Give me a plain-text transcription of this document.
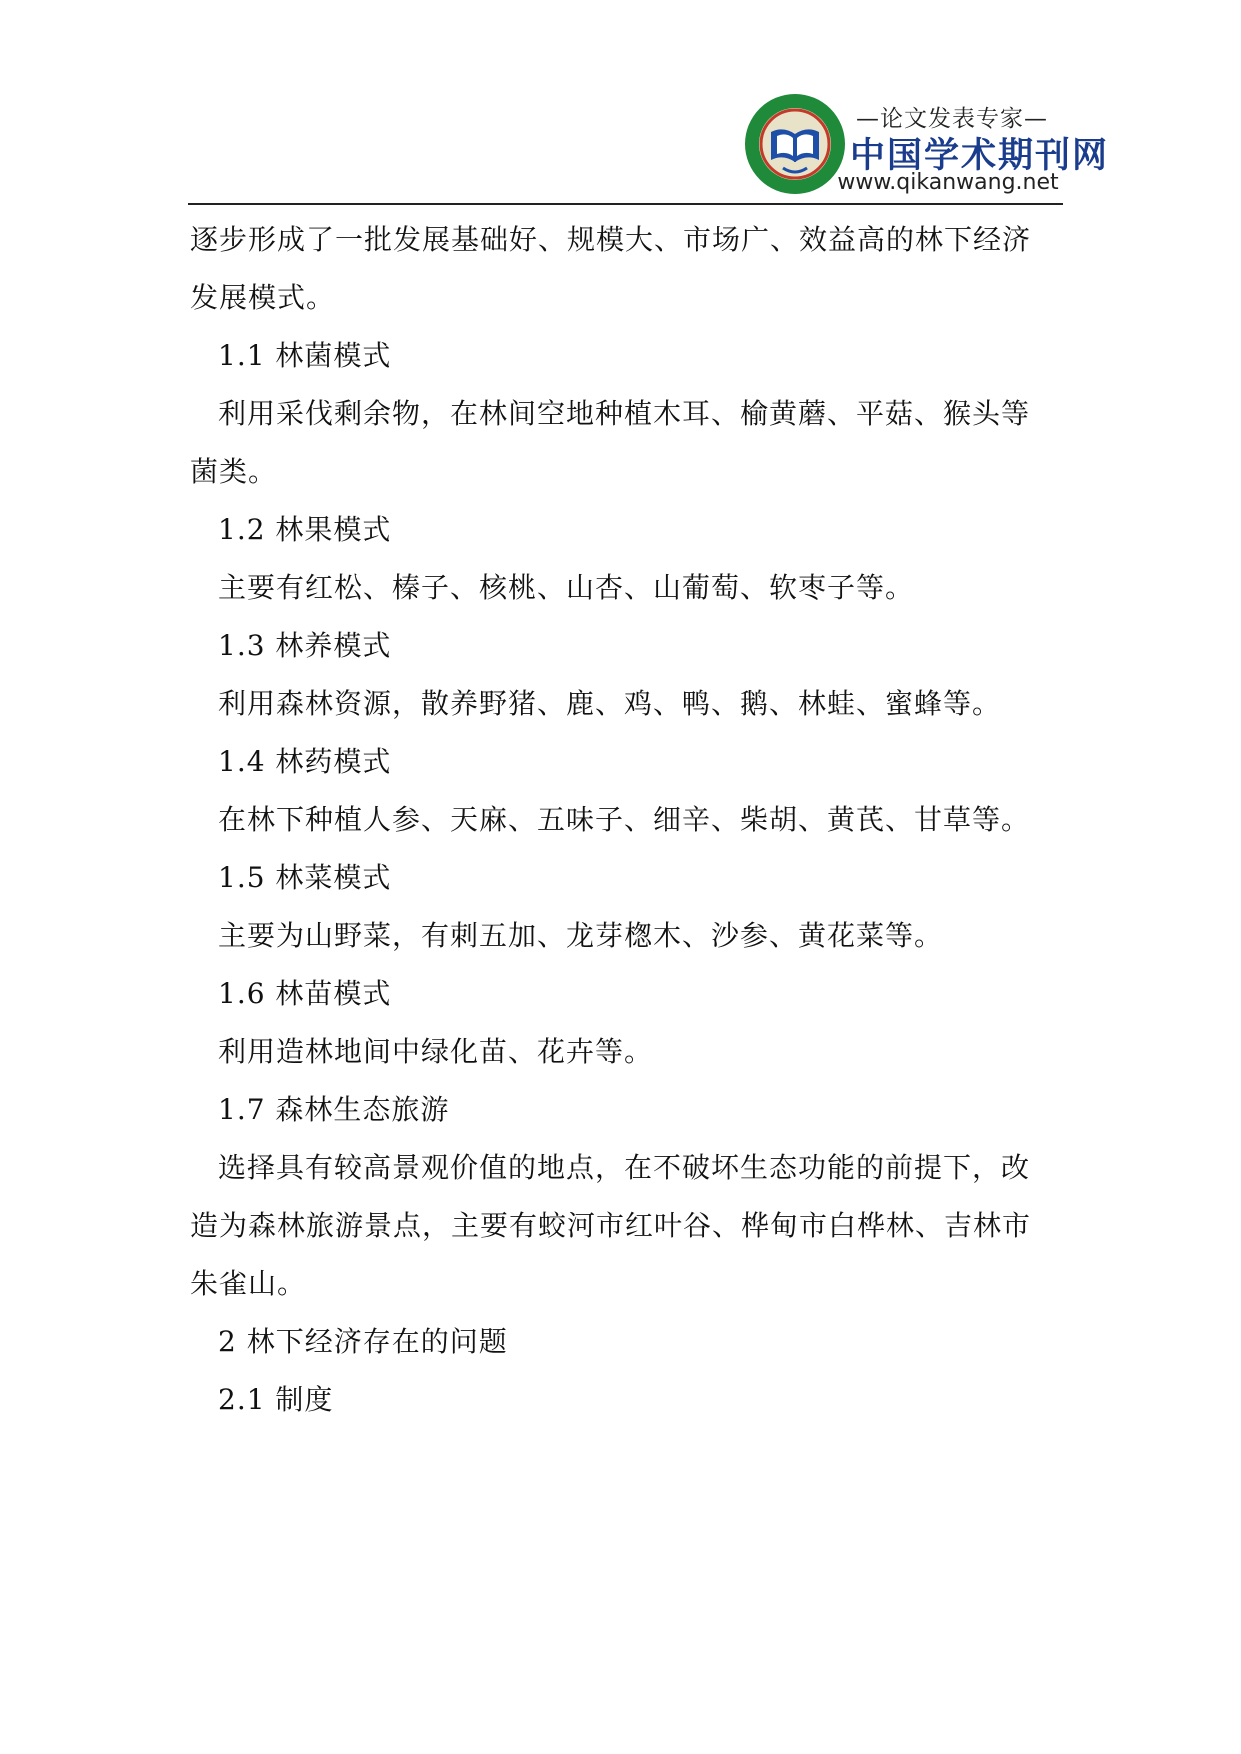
—论文发表专家—
中国学术期刊网
www.qikanwang.net
逐步形成了一批发展基础好、规模大、市场广、效益高的林下经济
发展模式。
1.1 林菌模式
利用采伐剩余物，在林间空地种植木耳、榆黄蘑、平菇、猴头等
菌类。
1.2 林果模式
主要有红松、榛子、核桃、山杏、山葡萄、软枣子等。
1.3 林养模式
利用森林资源，散养野猪、鹿、鸡、鸭、鹅、林蛙、蜜蜂等。
1.4 林药模式
在林下种植人参、天麻、五味子、细辛、柴胡、黄芪、甘草等。
1.5 林菜模式
主要为山野菜，有刺五加、龙芽楤木、沙参、黄花菜等。
1.6 林苗模式
利用造林地间中绿化苗、花卉等。
1.7 森林生态旅游
选择具有较高景观价值的地点，在不破坏生态功能的前提下，改
造为森林旅游景点，主要有蛟河市红叶谷、桦甸市白桦林、吉林市
朱雀山。
2 林下经济存在的问题
2.1 制度
